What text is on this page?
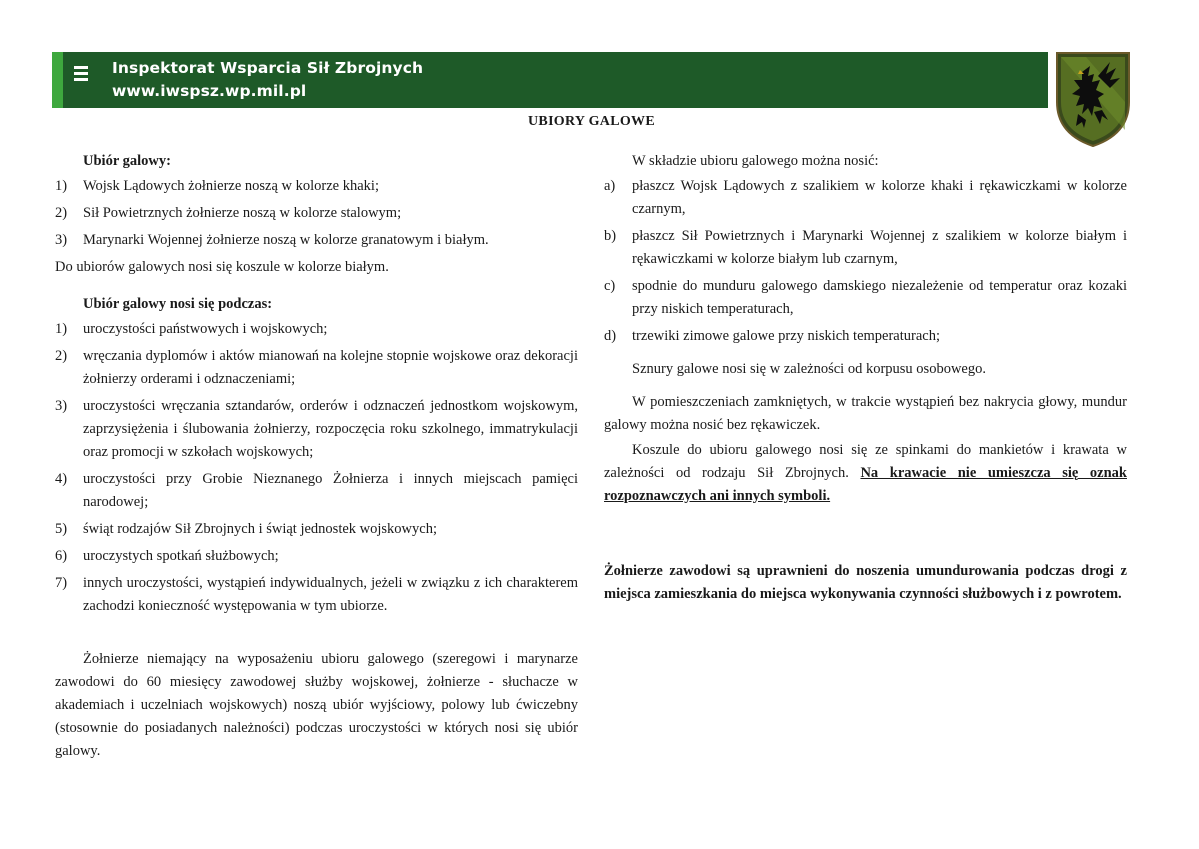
Inspektorat Wsparcia Sił Zbrojnych
www.iwspsz.wp.mil.pl
UBIORY GALOWE
Ubiór galowy:
1) Wojsk Lądowych żołnierze noszą w kolorze khaki;
2) Sił Powietrznych żołnierze noszą w kolorze stalowym;
3) Marynarki Wojennej żołnierze noszą w kolorze granatowym i białym.

Do ubiorów galowych nosi się koszule w kolorze białym.

Ubiór galowy nosi się podczas:
1) uroczystości państwowych i wojskowych;
2) wręczania dyplomów i aktów mianowań na kolejne stopnie wojskowe oraz dekoracji żołnierzy orderami i odznaczeniami;
3) uroczystości wręczania sztandarów, orderów i odznaczeń jednostkom wojskowym, zaprzysiężenia i ślubowania żołnierzy, rozpoczęcia roku szkolnego, immatrykulacji oraz promocji w szkołach wojskowych;
4) uroczystości przy Grobie Nieznanego Żołnierza i innych miejscach pamięci narodowej;
5) świąt rodzajów Sił Zbrojnych i świąt jednostek wojskowych;
6) uroczystych spotkań służbowych;
7) innych uroczystości, wystąpień indywidualnych, jeżeli w związku z ich charakterem zachodzi konieczność występowania w tym ubiorze.

Żołnierze niemający na wyposażeniu ubioru galowego (szeregowi i marynarze zawodowi do 60 miesięcy zawodowej służby wojskowej, żołnierze - słuchacze w akademiach i uczelniach wojskowych) noszą ubiór wyjściowy, polowy lub ćwiczebny (stosownie do posiadanych należności) podczas uroczystości w których nosi się ubiór galowy.

W składzie ubioru galowego można nosić:

a) płaszcz Wojsk Lądowych z szalikiem w kolorze khaki i rękawiczkami w kolorze czarnym,
b) płaszcz Sił Powietrznych i Marynarki Wojennej z szalikiem w kolorze białym i rękawiczkami w kolorze białym lub czarnym,
c) spodnie do munduru galowego damskiego niezależenie od temperatur oraz kozaki przy niskich temperaturach,
d) trzewiki zimowe galowe przy niskich temperaturach;

Sznury galowe nosi się w zależności od korpusu osobowego.

W pomieszczeniach zamkniętych, w trakcie wystąpień bez nakrycia głowy, mundur galowy można nosić bez rękawiczek.

Koszule do ubioru galowego nosi się ze spinkami do mankietów i krawata w zależności od rodzaju Sił Zbrojnych. Na krawacie nie umieszcza się oznak rozpoznawczych ani innych symboli.

Żołnierze zawodowi są uprawnieni do noszenia umundurowania podczas drogi z miejsca zamieszkania do miejsca wykonywania czynności służbowych i z powrotem.
